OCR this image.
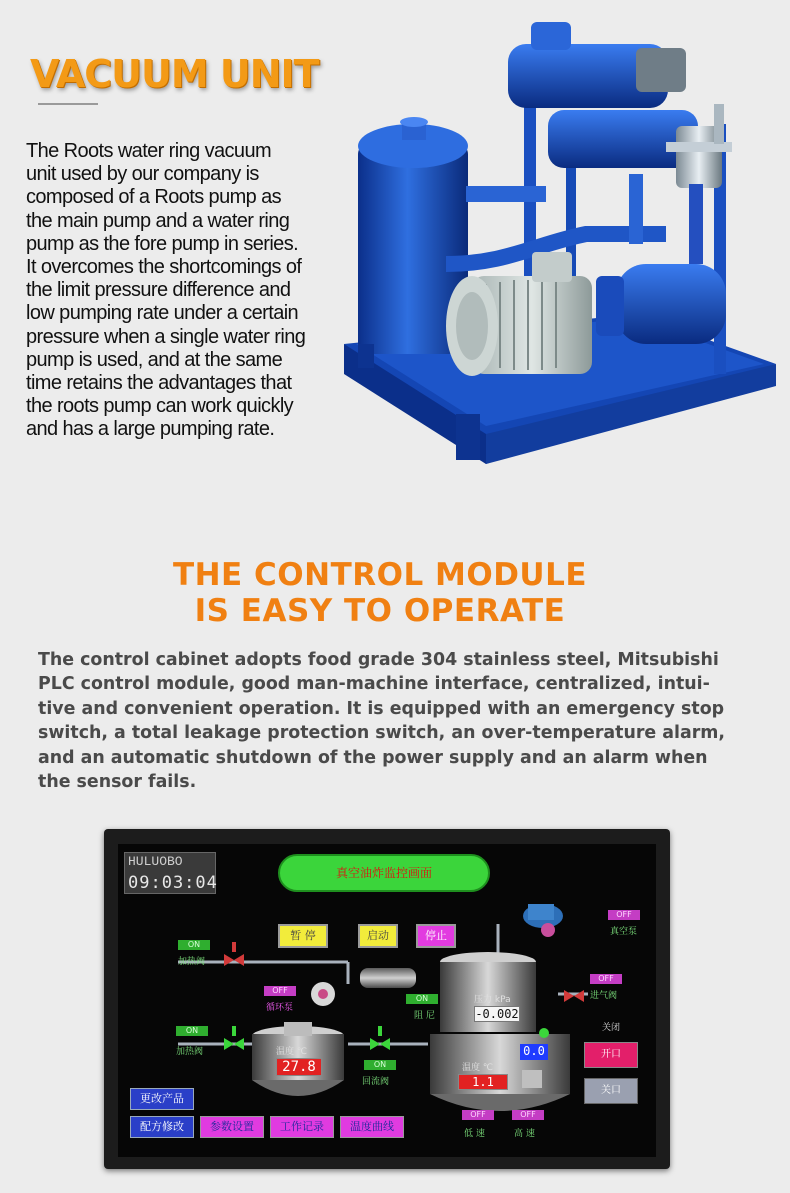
VACUUM UNIT
The Roots water ring vacuum
unit used by our company is
composed of a Roots pump as
the main pump and a water ring
pump as the fore pump in series.
It overcomes the shortcomings of
the limit pressure difference and
low pumping rate under a certain
pressure when a single water ring
pump is used, and at the same
time retains the advantages that
the roots pump can work quickly
and has a large pumping rate.
THE CONTROL MODULE
IS EASY TO OPERATE
The control cabinet adopts food grade 304 stainless steel, Mitsubishi
PLC control module, good man-machine interface, centralized, intui-
tive and convenient operation. It is equipped with an emergency stop
switch, a total leakage protection switch, an over-temperature alarm,
and an automatic shutdown of the power supply and an alarm when
the sensor fails.
HULUOBO
09:03:04	真空油炸监控画面
暂 停	启动	停止
ON
加热阀
OFF
循环泵
ON
阻 尼
ON
加热阀
ON
回流阀
OFF
真空泵
OFF
进气阀
温度 ℃
27.8
压力 kPa
-0.002
温度 ℃
1.1
0.0
关闭
开口
关口
OFF
低 速
OFF
高 速
更改产品
配方修改	参数设置	工作记录	温度曲线
